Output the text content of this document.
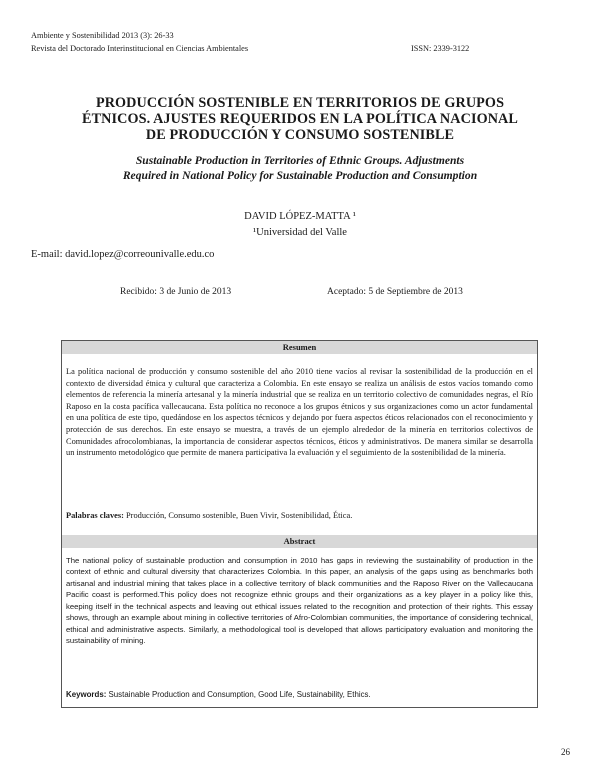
Ambiente y Sostenibilidad 2013 (3): 26-33
Revista del Doctorado Interinstitucional en Ciencias Ambientales	ISSN: 2339-3122
PRODUCCIÓN SOSTENIBLE EN TERRITORIOS DE GRUPOS
ÉTNICOS. AJUSTES REQUERIDOS EN LA POLÍTICA NACIONAL
DE PRODUCCIÓN Y CONSUMO SOSTENIBLE
Sustainable Production in Territories of Ethnic Groups. Adjustments
Required in National Policy for Sustainable Production and Consumption
DAVID LÓPEZ-MATTA ¹
¹Universidad del Valle
E-mail: david.lopez@correounivalle.edu.co
Recibido: 3 de Junio de 2013	Aceptado: 5 de Septiembre de 2013
Resumen
La política nacional de producción y consumo sostenible del año 2010 tiene vacíos al revisar la sostenibilidad de la producción en el contexto de diversidad étnica y cultural que caracteriza a Colombia. En este ensayo se realiza un análisis de estos vacíos tomando como elementos de referencia la minería artesanal y la minería industrial que se realiza en un territorio colectivo de comunidades negras, el Río Raposo en la costa pacífica vallecaucana. Esta política no reconoce a los grupos étnicos y sus organizaciones como un actor fundamental en una política de este tipo, quedándose en los aspectos técnicos y dejando por fuera aspectos éticos relacionados con el reconocimiento y protección de sus derechos. En este ensayo se muestra, a través de un ejemplo alrededor de la minería en territorios colectivos de Comunidades afrocolombianas, la importancia de considerar aspectos técnicos, éticos y administrativos. De manera similar se desarrolla un instrumento metodológico que permite de manera participativa la evaluación y el seguimiento de la sostenibilidad de la minería.
Palabras claves: Producción, Consumo sostenible, Buen Vivir, Sostenibilidad, Ética.
Abstract
The national policy of sustainable production and consumption in 2010 has gaps in reviewing the sustainability of production in the context of ethnic and cultural diversity that characterizes Colombia. In this paper, an analysis of the gaps using as benchmarks both artisanal and industrial mining that takes place in a collective territory of black communities and the Raposo River on the Vallecaucana Pacific coast is performed.This policy does not recognize ethnic groups and their organizations as a key player in a policy like this, keeping itself in the technical aspects and leaving out ethical issues related to the recognition and protection of their rights. This essay shows, through an example about mining in collective territories of Afro-Colombian communities, the importance of considering technical, ethical and administrative aspects. Similarly, a methodological tool is developed that allows participatory evaluation and monitoring the sustainability of mining.
Keywords: Sustainable Production and Consumption, Good Life, Sustainability, Ethics.
26
